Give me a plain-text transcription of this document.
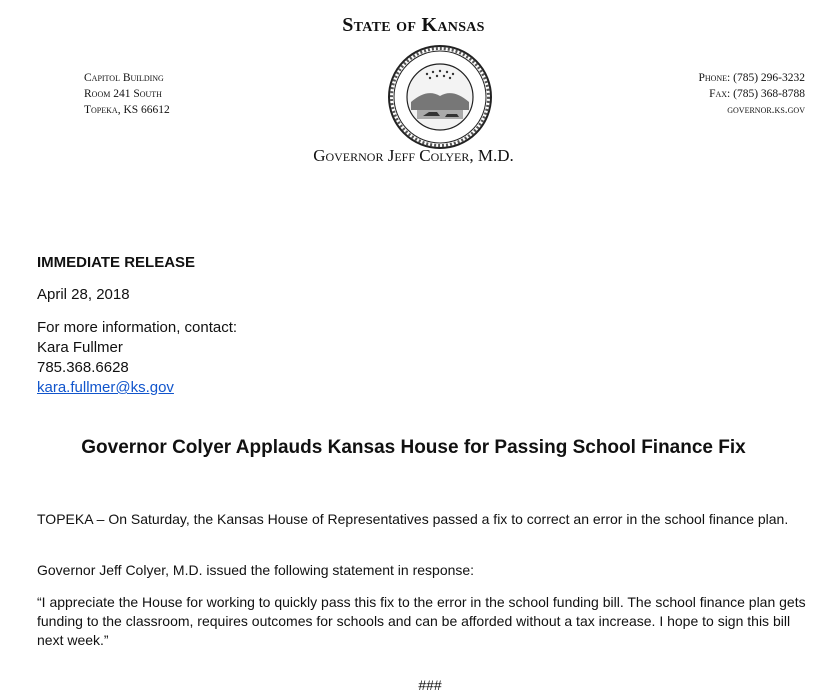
State of Kansas
Capitol Building
Room 241 South
Topeka, KS 66612
Phone: (785) 296-3232
Fax: (785) 368-8788
governor.ks.gov
Governor Jeff Colyer, M.D.
IMMEDIATE RELEASE
April 28, 2018
For more information, contact:
Kara Fullmer
785.368.6628
kara.fullmer@ks.gov
Governor Colyer Applauds Kansas House for Passing School Finance Fix
TOPEKA – On Saturday, the Kansas House of Representatives passed a fix to correct an error in the school finance plan.
Governor Jeff Colyer, M.D. issued the following statement in response:
“I appreciate the House for working to quickly pass this fix to the error in the school funding bill. The school finance plan gets funding to the classroom, requires outcomes for schools and can be afforded without a tax increase. I hope to sign this bill next week.”
###
